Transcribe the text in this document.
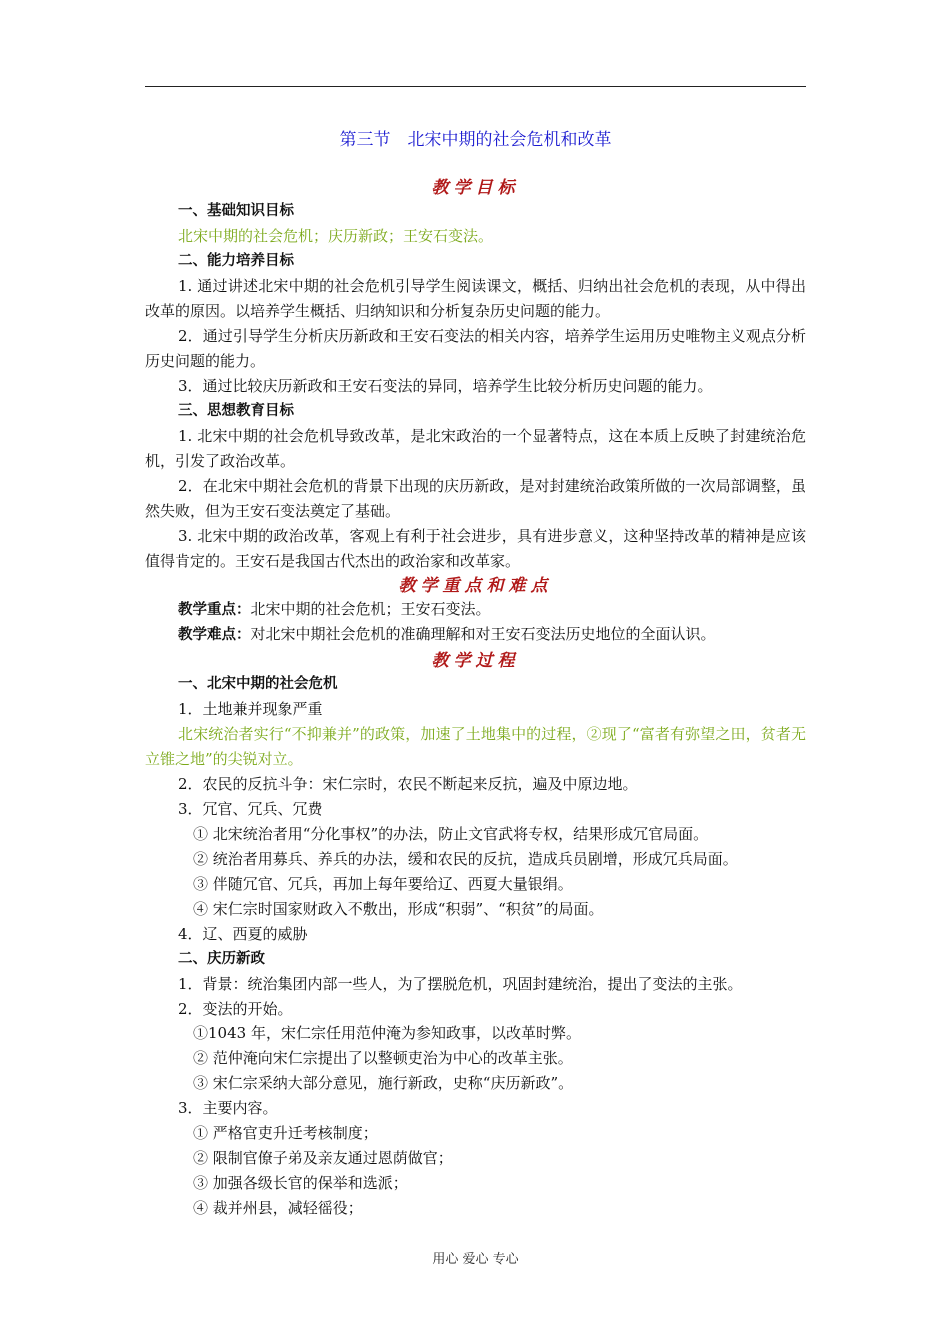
第三节　北宋中期的社会危机和改革
教学目标
一、基础知识目标
北宋中期的社会危机；庆历新政；王安石变法。
二、能力培养目标
1. 通过讲述北宋中期的社会危机引导学生阅读课文，概括、归纳出社会危机的表现，从中得出改革的原因。以培养学生概括、归纳知识和分析复杂历史问题的能力。
2．通过引导学生分析庆历新政和王安石变法的相关内容，培养学生运用历史唯物主义观点分析历史问题的能力。
3．通过比较庆历新政和王安石变法的异同，培养学生比较分析历史问题的能力。
三、思想教育目标
1. 北宋中期的社会危机导致改革，是北宋政治的一个显著特点，这在本质上反映了封建统治危机，引发了政治改革。
2．在北宋中期社会危机的背景下出现的庆历新政，是对封建统治政策所做的一次局部调整，虽然失败，但为王安石变法奠定了基础。
3. 北宋中期的政治改革，客观上有利于社会进步，具有进步意义，这种坚持改革的精神是应该值得肯定的。王安石是我国古代杰出的政治家和改革家。
教学重点和难点
教学重点：北宋中期的社会危机；王安石变法。
教学难点：对北宋中期社会危机的准确理解和对王安石变法历史地位的全面认识。
教学过程
一、北宋中期的社会危机
1．土地兼并现象严重
北宋统治者实行“不抑兼并”的政策，加速了土地集中的过程，②现了“富者有弥望之田，贫者无立锥之地”的尖锐对立。
2．农民的反抗斗争：宋仁宗时，农民不断起来反抗，遍及中原边地。
3．冗官、冗兵、冗费
① 北宋统治者用“分化事权”的办法，防止文官武将专权，结果形成冗官局面。
② 统治者用募兵、养兵的办法，缓和农民的反抗，造成兵员剧增，形成冗兵局面。
③ 伴随冗官、冗兵，再加上每年要给辽、西夏大量银绢。
④ 宋仁宗时国家财政入不敷出，形成“积弱”、“积贫”的局面。
4．辽、西夏的威胁
二、庆历新政
1．背景：统治集团内部一些人，为了摆脱危机，巩固封建统治，提出了变法的主张。
2．变法的开始。
①1043 年，宋仁宗任用范仲淹为参知政事，以改革时弊。
② 范仲淹向宋仁宗提出了以整顿吏治为中心的改革主张。
③ 宋仁宗采纳大部分意见，施行新政，史称“庆历新政”。
3．主要内容。
① 严格官吏升迁考核制度；
② 限制官僚子弟及亲友通过恩荫做官；
③ 加强各级长官的保举和选派；
④ 裁并州县，减轻徭役；
用心 爱心 专心
